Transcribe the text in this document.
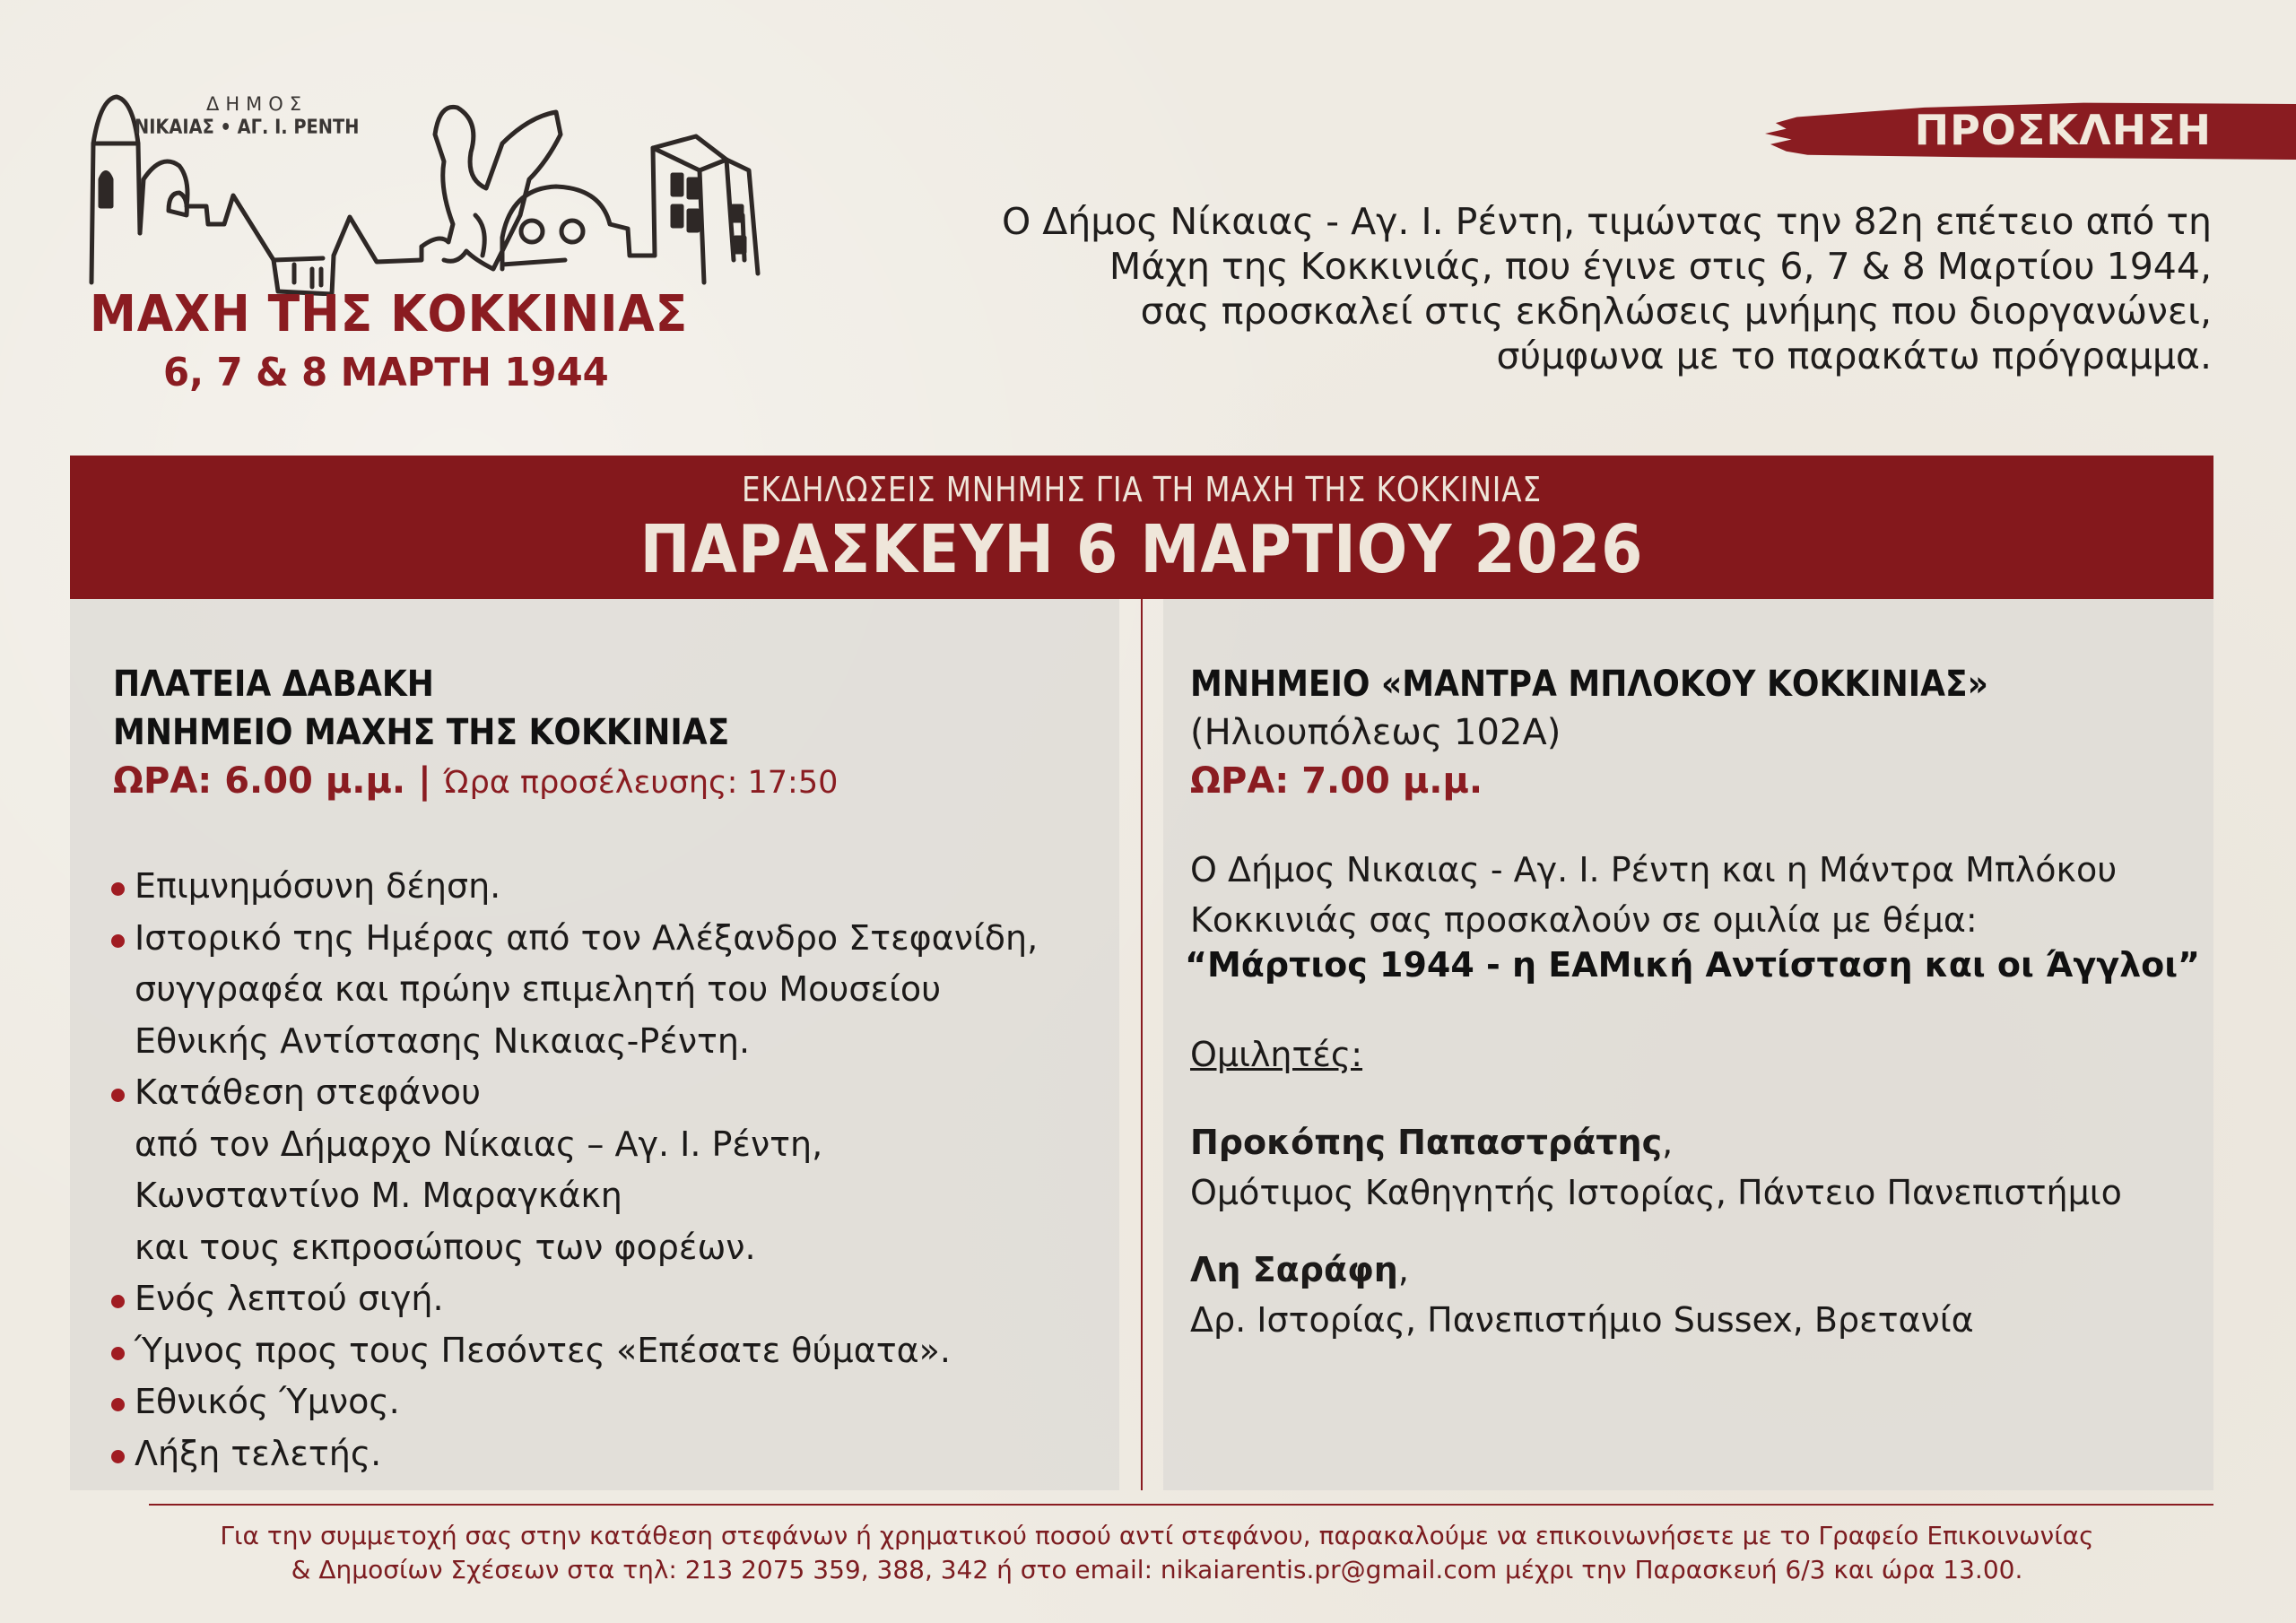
ΔΗΜΟΣ
ΝΙΚΑΙΑΣ • ΑΓ. Ι. ΡΕΝΤΗ
ΜΑΧΗ ΤΗΣ ΚΟΚΚΙΝΙΑΣ
6, 7 & 8 ΜΑΡΤΗ 1944
ΠΡΟΣΚΛΗΣΗ
Ο Δήμος Νίκαιας - Αγ. Ι. Ρέντη, τιμώντας την 82η επέτειο από τη
Μάχη της Κοκκινιάς, που έγινε στις 6, 7 & 8 Μαρτίου 1944,
σας προσκαλεί στις εκδηλώσεις μνήμης που διοργανώνει,
σύμφωνα με το παρακάτω πρόγραμμα.
ΕΚΔΗΛΩΣΕΙΣ ΜΝΗΜΗΣ ΓΙΑ ΤΗ ΜΑΧΗ ΤΗΣ ΚΟΚΚΙΝΙΑΣ
ΠΑΡΑΣΚΕΥΗ 6 ΜΑΡΤΙΟΥ 2026
ΠΛΑΤΕΙΑ ΔΑΒΑΚΗ
ΜΝΗΜΕΙΟ ΜΑΧΗΣ ΤΗΣ ΚΟΚΚΙΝΙΑΣ
ΩΡΑ: 6.00 μ.μ. | Ώρα προσέλευσης: 17:50
Επιμνημόσυνη δέηση.
Ιστορικό της Ημέρας από τον Αλέξανδρο Στεφανίδη,
συγγραφέα και πρώην επιμελητή του Μουσείου
Εθνικής Αντίστασης Νικαιας-Ρέντη.
Κατάθεση στεφάνου
από τον Δήμαρχο Νίκαιας – Αγ. Ι. Ρέντη,
Κωνσταντίνο Μ. Μαραγκάκη
και τους εκπροσώπους των φορέων.
Ενός λεπτού σιγή.
Ύμνος προς τους Πεσόντες «Επέσατε θύματα».
Εθνικός Ύμνος.
Λήξη τελετής.
ΜΝΗΜΕΙΟ «ΜΑΝΤΡΑ ΜΠΛΟΚΟΥ ΚΟΚΚΙΝΙΑΣ»
(Ηλιουπόλεως 102Α)
ΩΡΑ: 7.00 μ.μ.
Ο Δήμος Νικαιας - Αγ. Ι. Ρέντη και η Μάντρα Μπλόκου
Κοκκινιάς σας προσκαλούν σε ομιλία με θέμα:
“Μάρτιος 1944 - η ΕΑΜική Αντίσταση και οι Άγγλοι”
Ομιλητές:
Προκόπης Παπαστράτης,
Ομότιμος Καθηγητής Ιστορίας, Πάντειο Πανεπιστήμιο
Λη Σαράφη,
Δρ. Ιστορίας, Πανεπιστήμιο Sussex, Βρετανία
Για την συμμετοχή σας στην κατάθεση στεφάνων ή χρηματικού ποσού αντί στεφάνου, παρακαλούμε να επικοινωνήσετε με το Γραφείο Επικοινωνίας
& Δημοσίων Σχέσεων στα τηλ: 213 2075 359, 388, 342 ή στο email: nikaiarentis.pr@gmail.com μέχρι την Παρασκευή 6/3 και ώρα 13.00.
